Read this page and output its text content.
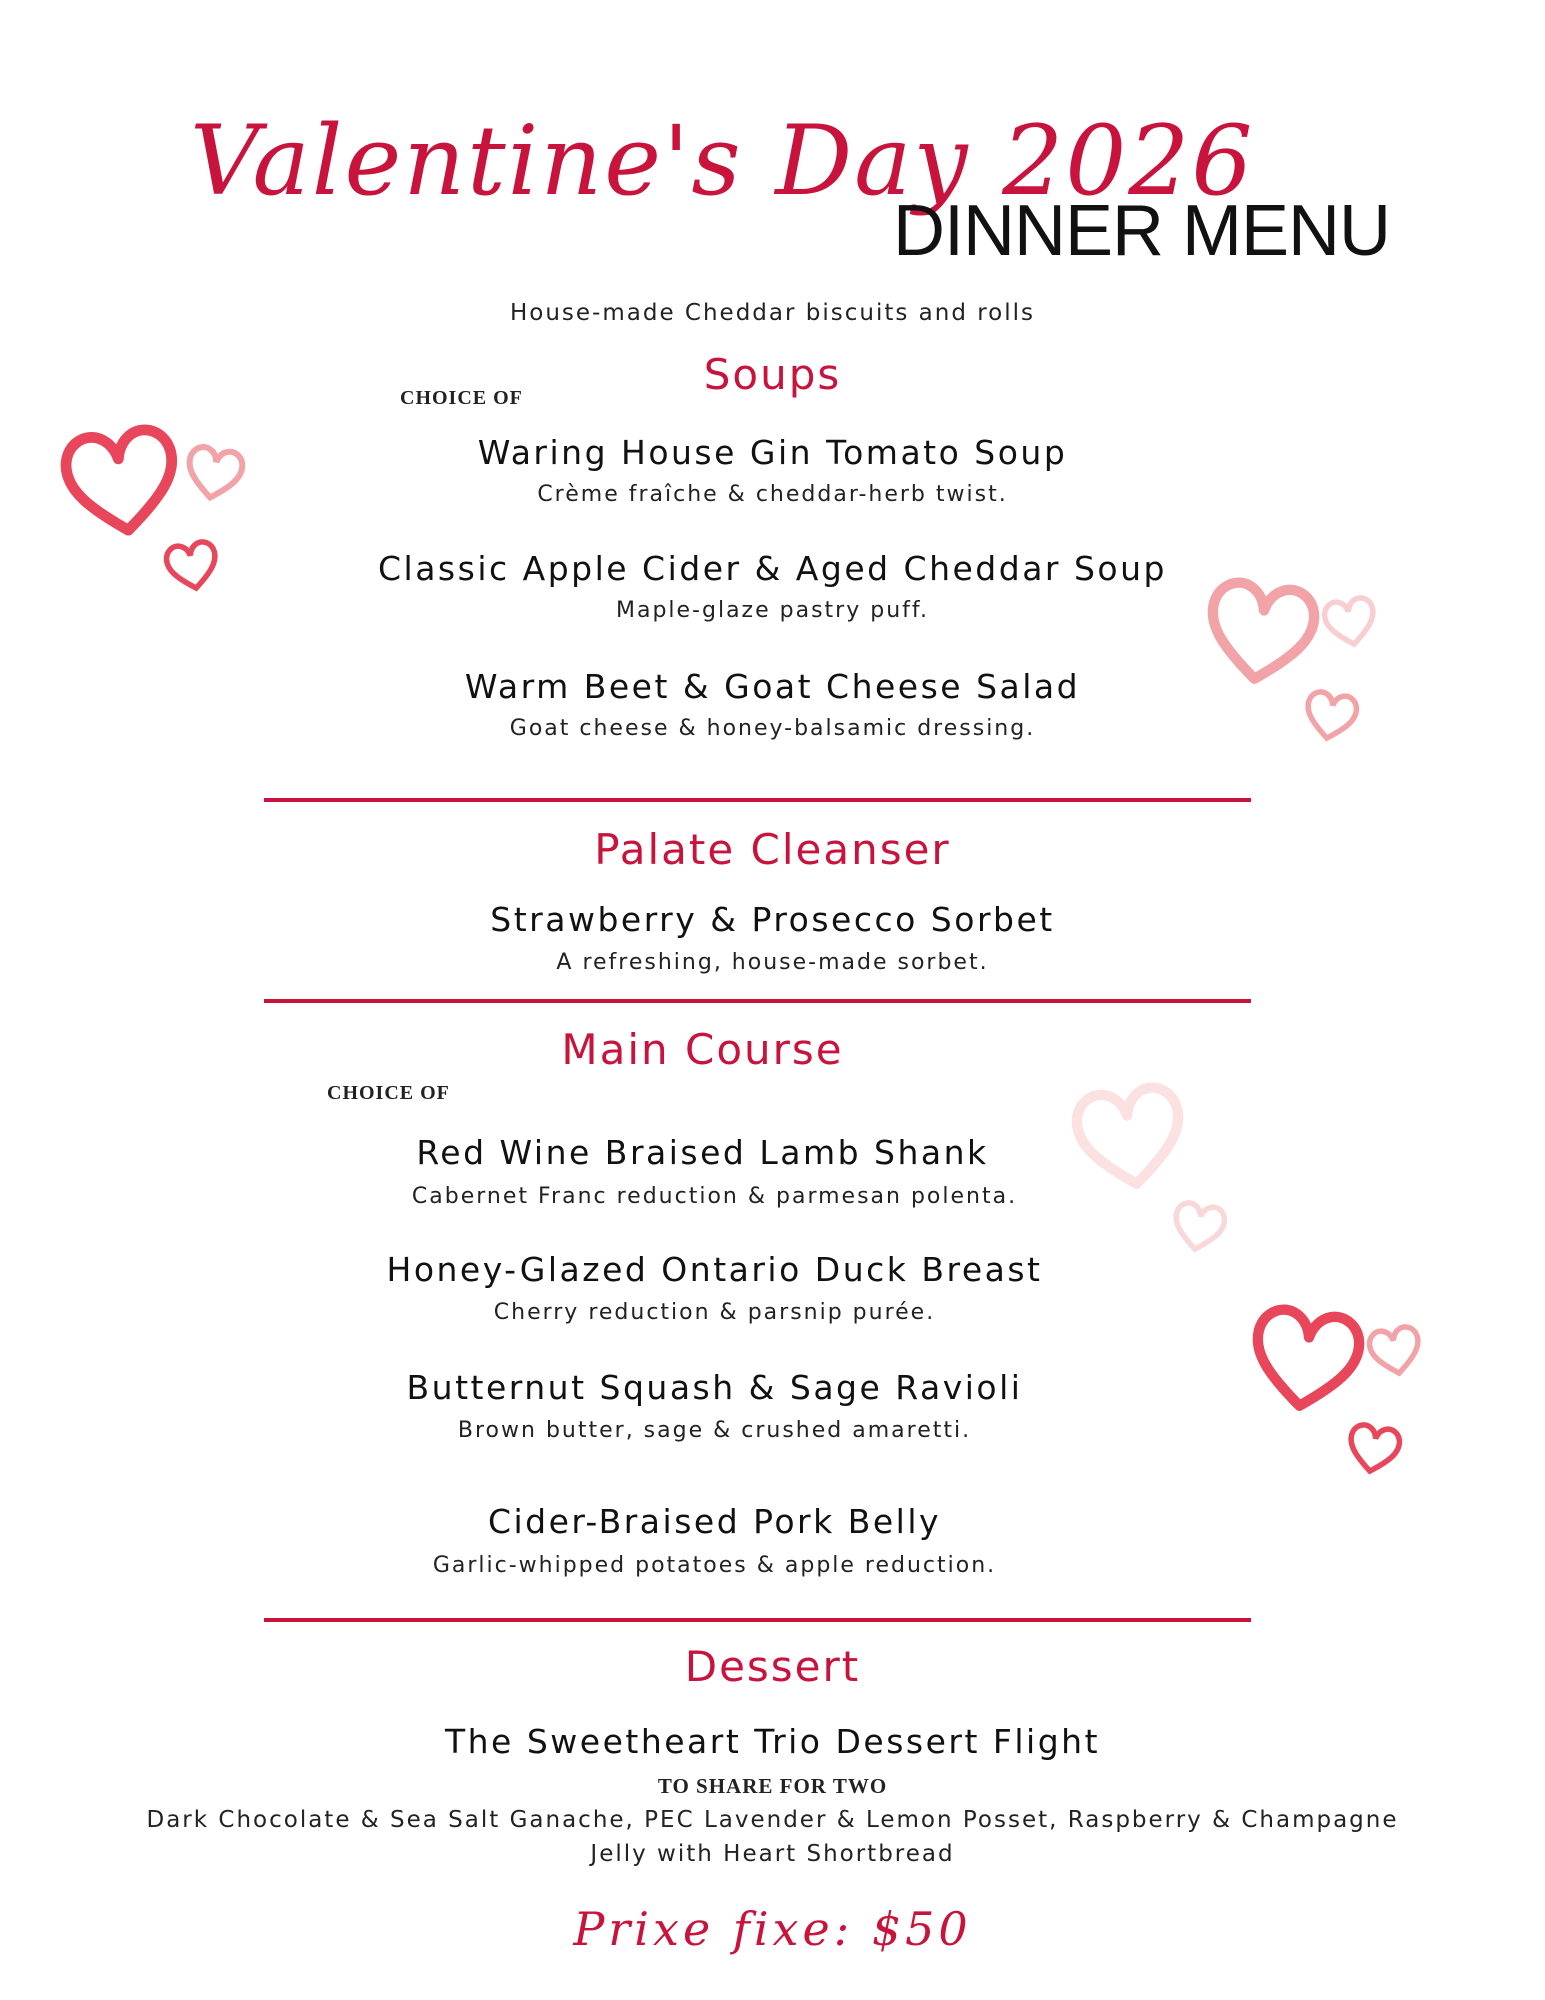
Valentine's Day 2026
DINNER MENU
House-made Cheddar biscuits and rolls
Soups
CHOICE OF
Waring House Gin Tomato Soup
Crème fraîche & cheddar-herb twist.
Classic Apple Cider & Aged Cheddar Soup
Maple-glaze pastry puff.
Warm Beet & Goat Cheese Salad
Goat cheese & honey-balsamic dressing.
Palate Cleanser
Strawberry & Prosecco Sorbet
A refreshing, house-made sorbet.
Main Course
CHOICE OF
Red Wine Braised Lamb Shank
Cabernet Franc reduction & parmesan polenta.
Honey-Glazed Ontario Duck Breast
Cherry reduction & parsnip purée.
Butternut Squash & Sage Ravioli
Brown butter, sage & crushed amaretti.
Cider-Braised Pork Belly
Garlic-whipped potatoes & apple reduction.
Dessert
The Sweetheart Trio Dessert Flight
TO SHARE FOR TWO
Dark Chocolate & Sea Salt Ganache, PEC Lavender & Lemon Posset, Raspberry & Champagne
Jelly with Heart Shortbread
Prixe fixe: $50
